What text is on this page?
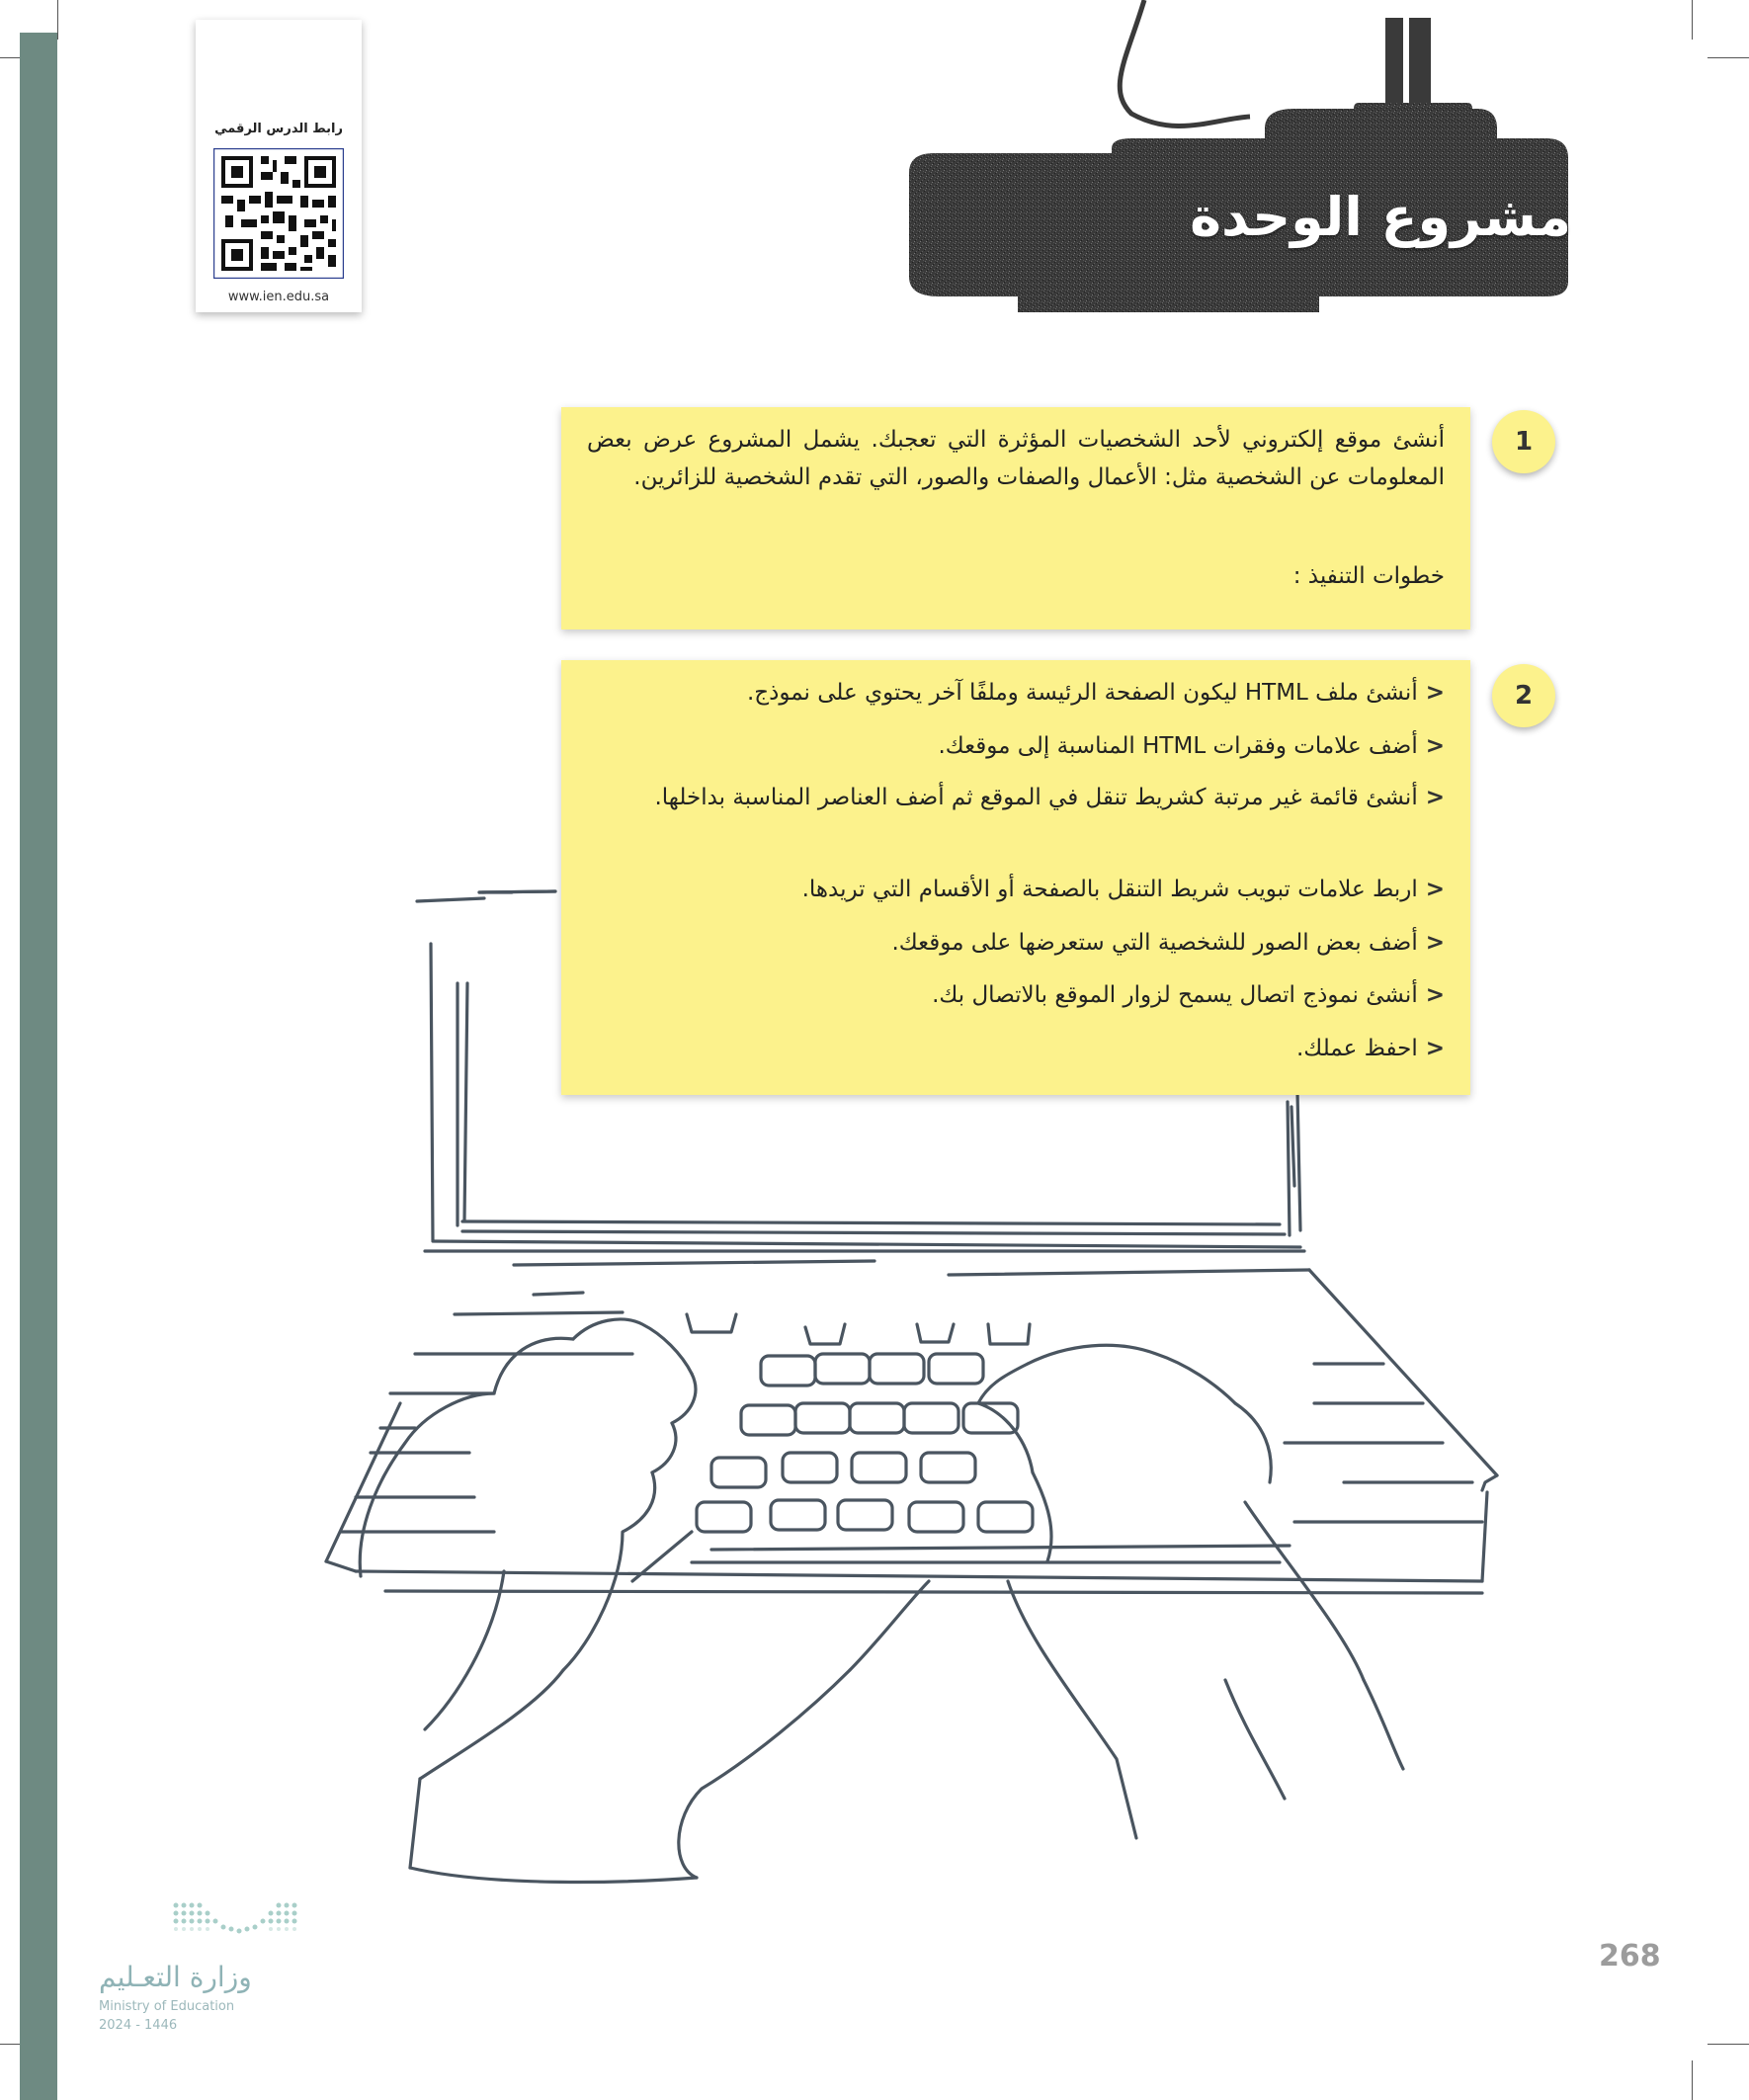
رابط الدرس الرقمي
www.ien.edu.sa
مشروع الوحدة
1
أنشئ موقع إلكتروني لأحد الشخصيات المؤثرة التي تعجبك. يشمل المشروع عرض بعض المعلومات عن الشخصية مثل: الأعمال والصفات والصور، التي تقدم الشخصية للزائرين.
خطوات التنفيذ :
2
<أنشئ ملف HTML ليكون الصفحة الرئيسة وملفًا آخر يحتوي على نموذج.
<أضف علامات وفقرات HTML المناسبة إلى موقعك.
<أنشئ قائمة غير مرتبة كشريط تنقل في الموقع ثم أضف العناصر المناسبة بداخلها.
<اربط علامات تبويب شريط التنقل بالصفحة أو الأقسام التي تريدها.
<أضف بعض الصور للشخصية التي ستعرضها على موقعك.
<أنشئ نموذج اتصال يسمح لزوار الموقع بالاتصال بك.
<احفظ عملك.
268
وزارة التعـليم
Ministry of Education
2024 - 1446
